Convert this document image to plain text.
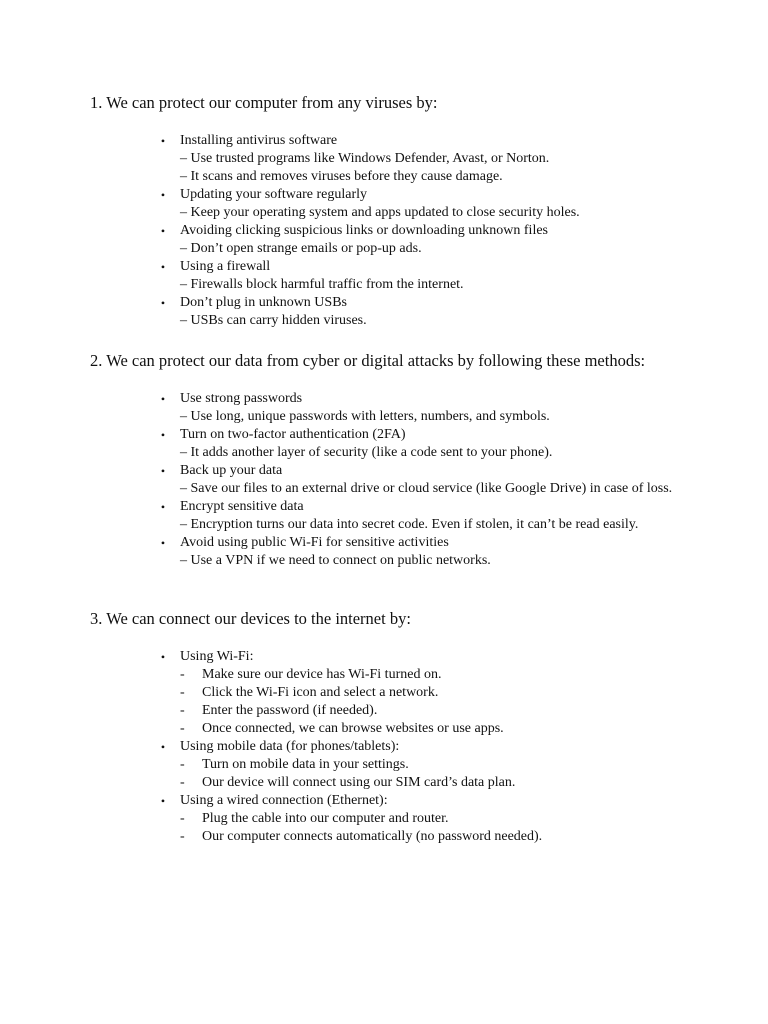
1. We can protect our computer from any viruses by:

• Installing antivirus software
– Use trusted programs like Windows Defender, Avast, or Norton.
– It scans and removes viruses before they cause damage.
• Updating your software regularly
– Keep your operating system and apps updated to close security holes.
• Avoiding clicking suspicious links or downloading unknown files
– Don’t open strange emails or pop-up ads.
• Using a firewall
– Firewalls block harmful traffic from the internet.
• Don’t plug in unknown USBs
– USBs can carry hidden viruses.

2. We can protect our data from cyber or digital attacks by following these methods:

• Use strong passwords
– Use long, unique passwords with letters, numbers, and symbols.
• Turn on two-factor authentication (2FA)
– It adds another layer of security (like a code sent to your phone).
• Back up your data
– Save our files to an external drive or cloud service (like Google Drive) in case of loss.
• Encrypt sensitive data
– Encryption turns our data into secret code. Even if stolen, it can’t be read easily.
• Avoid using public Wi-Fi for sensitive activities
– Use a VPN if we need to connect on public networks.

3. We can connect our devices to the internet by:

• Using Wi-Fi:
- Make sure our device has Wi-Fi turned on.
- Click the Wi-Fi icon and select a network.
- Enter the password (if needed).
- Once connected, we can browse websites or use apps.
• Using mobile data (for phones/tablets):
- Turn on mobile data in your settings.
- Our device will connect using our SIM card’s data plan.
• Using a wired connection (Ethernet):
- Plug the cable into our computer and router.
- Our computer connects automatically (no password needed).
